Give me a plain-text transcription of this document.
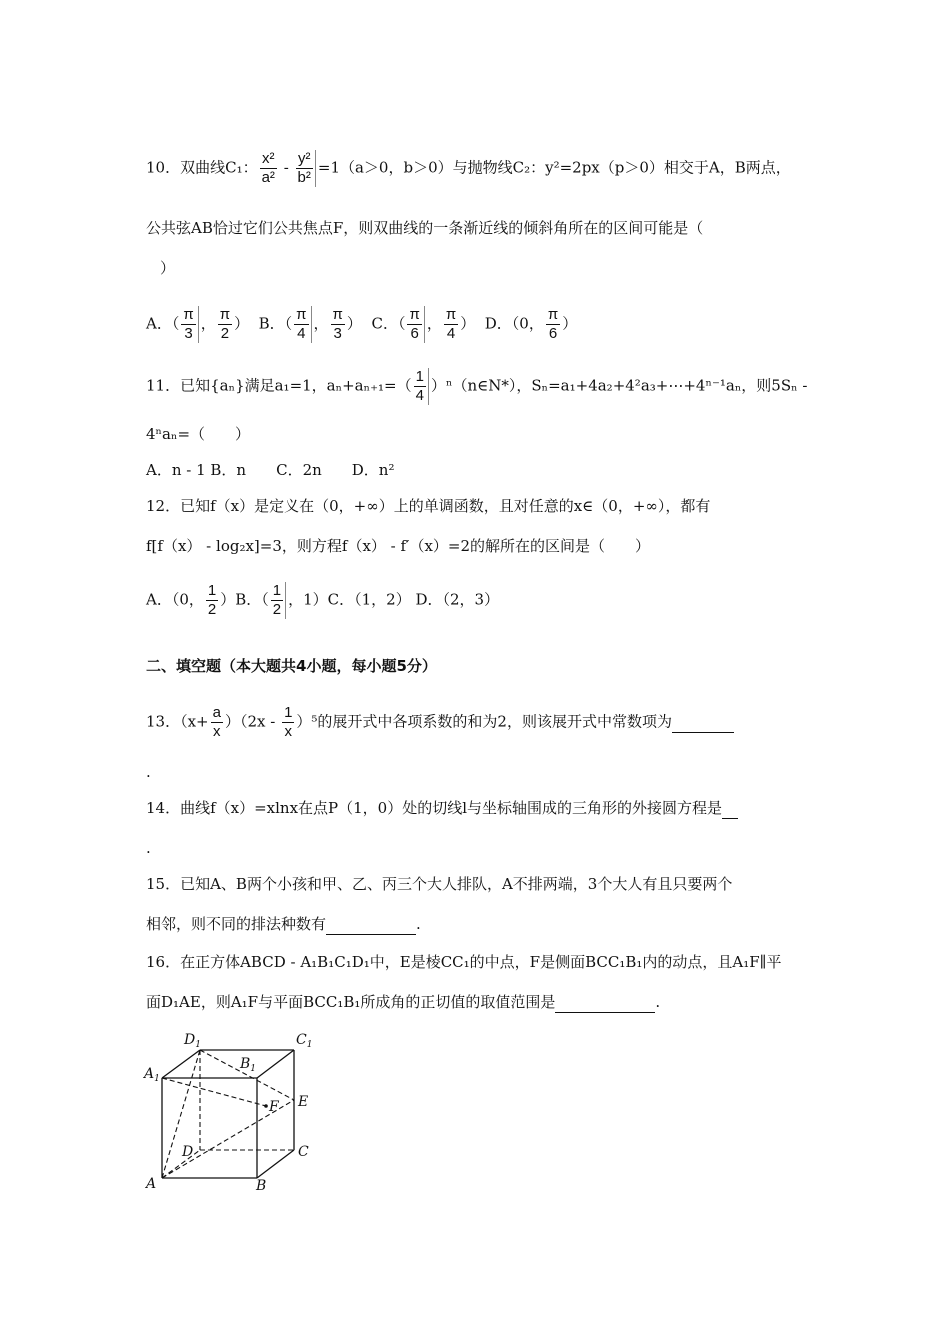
10．双曲线C₁： $\frac{\text{x²}}{\text{a²}} - \frac{\text{y²}}{\text{b²}} =1(a>0$，b＞0）与抛物线C₂：y²=2px（p＞0）相交于A，B两点，
公共弦AB恰过它们公共焦点F，则双曲线的一条渐近线的倾斜角所在的区间可能是（
）
A．（ $\frac{\pi}{3}$ ， $\frac{\pi}{2}$ ） B．（ $\frac{\pi}{4}$ ， $\frac{\pi}{3}$ ） C．（ $\frac{\pi}{6}$ ， $\frac{\pi}{4}$ ） D．（0， $\frac{\pi}{6}$ ）
11．已知{aₙ}满足a₁=1，$a_n+a_{n+1}=( \frac{1}{4}$ ）ⁿ（n∈N*），Sₙ=a₁+4a₂+4²a₃+⋯+4ⁿ⁻¹aₙ，则5Sₙ -
4ⁿaₙ=（　　）
A．n - 1 B．n　　C．2n　　D．n²
12．已知f（x）是定义在（0，+∞）上的单调函数，且对任意的x∈（0，+∞），都有
f[f（x） - log₂x]=3，则方程f（x） - f′（x）=2的解所在的区间是（　　）
A．（0， $\frac{1}{2} )B$．（ $\frac{1}{2}$ ，1）C．（1，2） D．（2，3）
二、填空题（本大题共4小题，每小题5分）
13．$(x+ \frac{a}{x} )(2x - \frac{1}{x} )^5$的展开式中各项系数的和为2，则该展开式中常数项为
.
14．曲线f（x）=xlnx在点P（1，0）处的切线l与坐标轴围成的三角形的外接圆方程是
.
15．已知A、B两个小孩和甲、乙、丙三个大人排队，A不排两端，3个大人有且只要两个
相邻，则不同的排法种数有	.
16．在正方体ABCD - A₁B₁C₁D₁中，E是棱CC₁的中点，F是侧面BCC₁B₁内的动点，且A₁F∥平
面D₁AE，则A₁F与平面BCC₁B₁所成角的正切值的取值范围是	.
$D_1$
$A_1$
$B_1$
$C_1$
E
F
D	C
A	B
